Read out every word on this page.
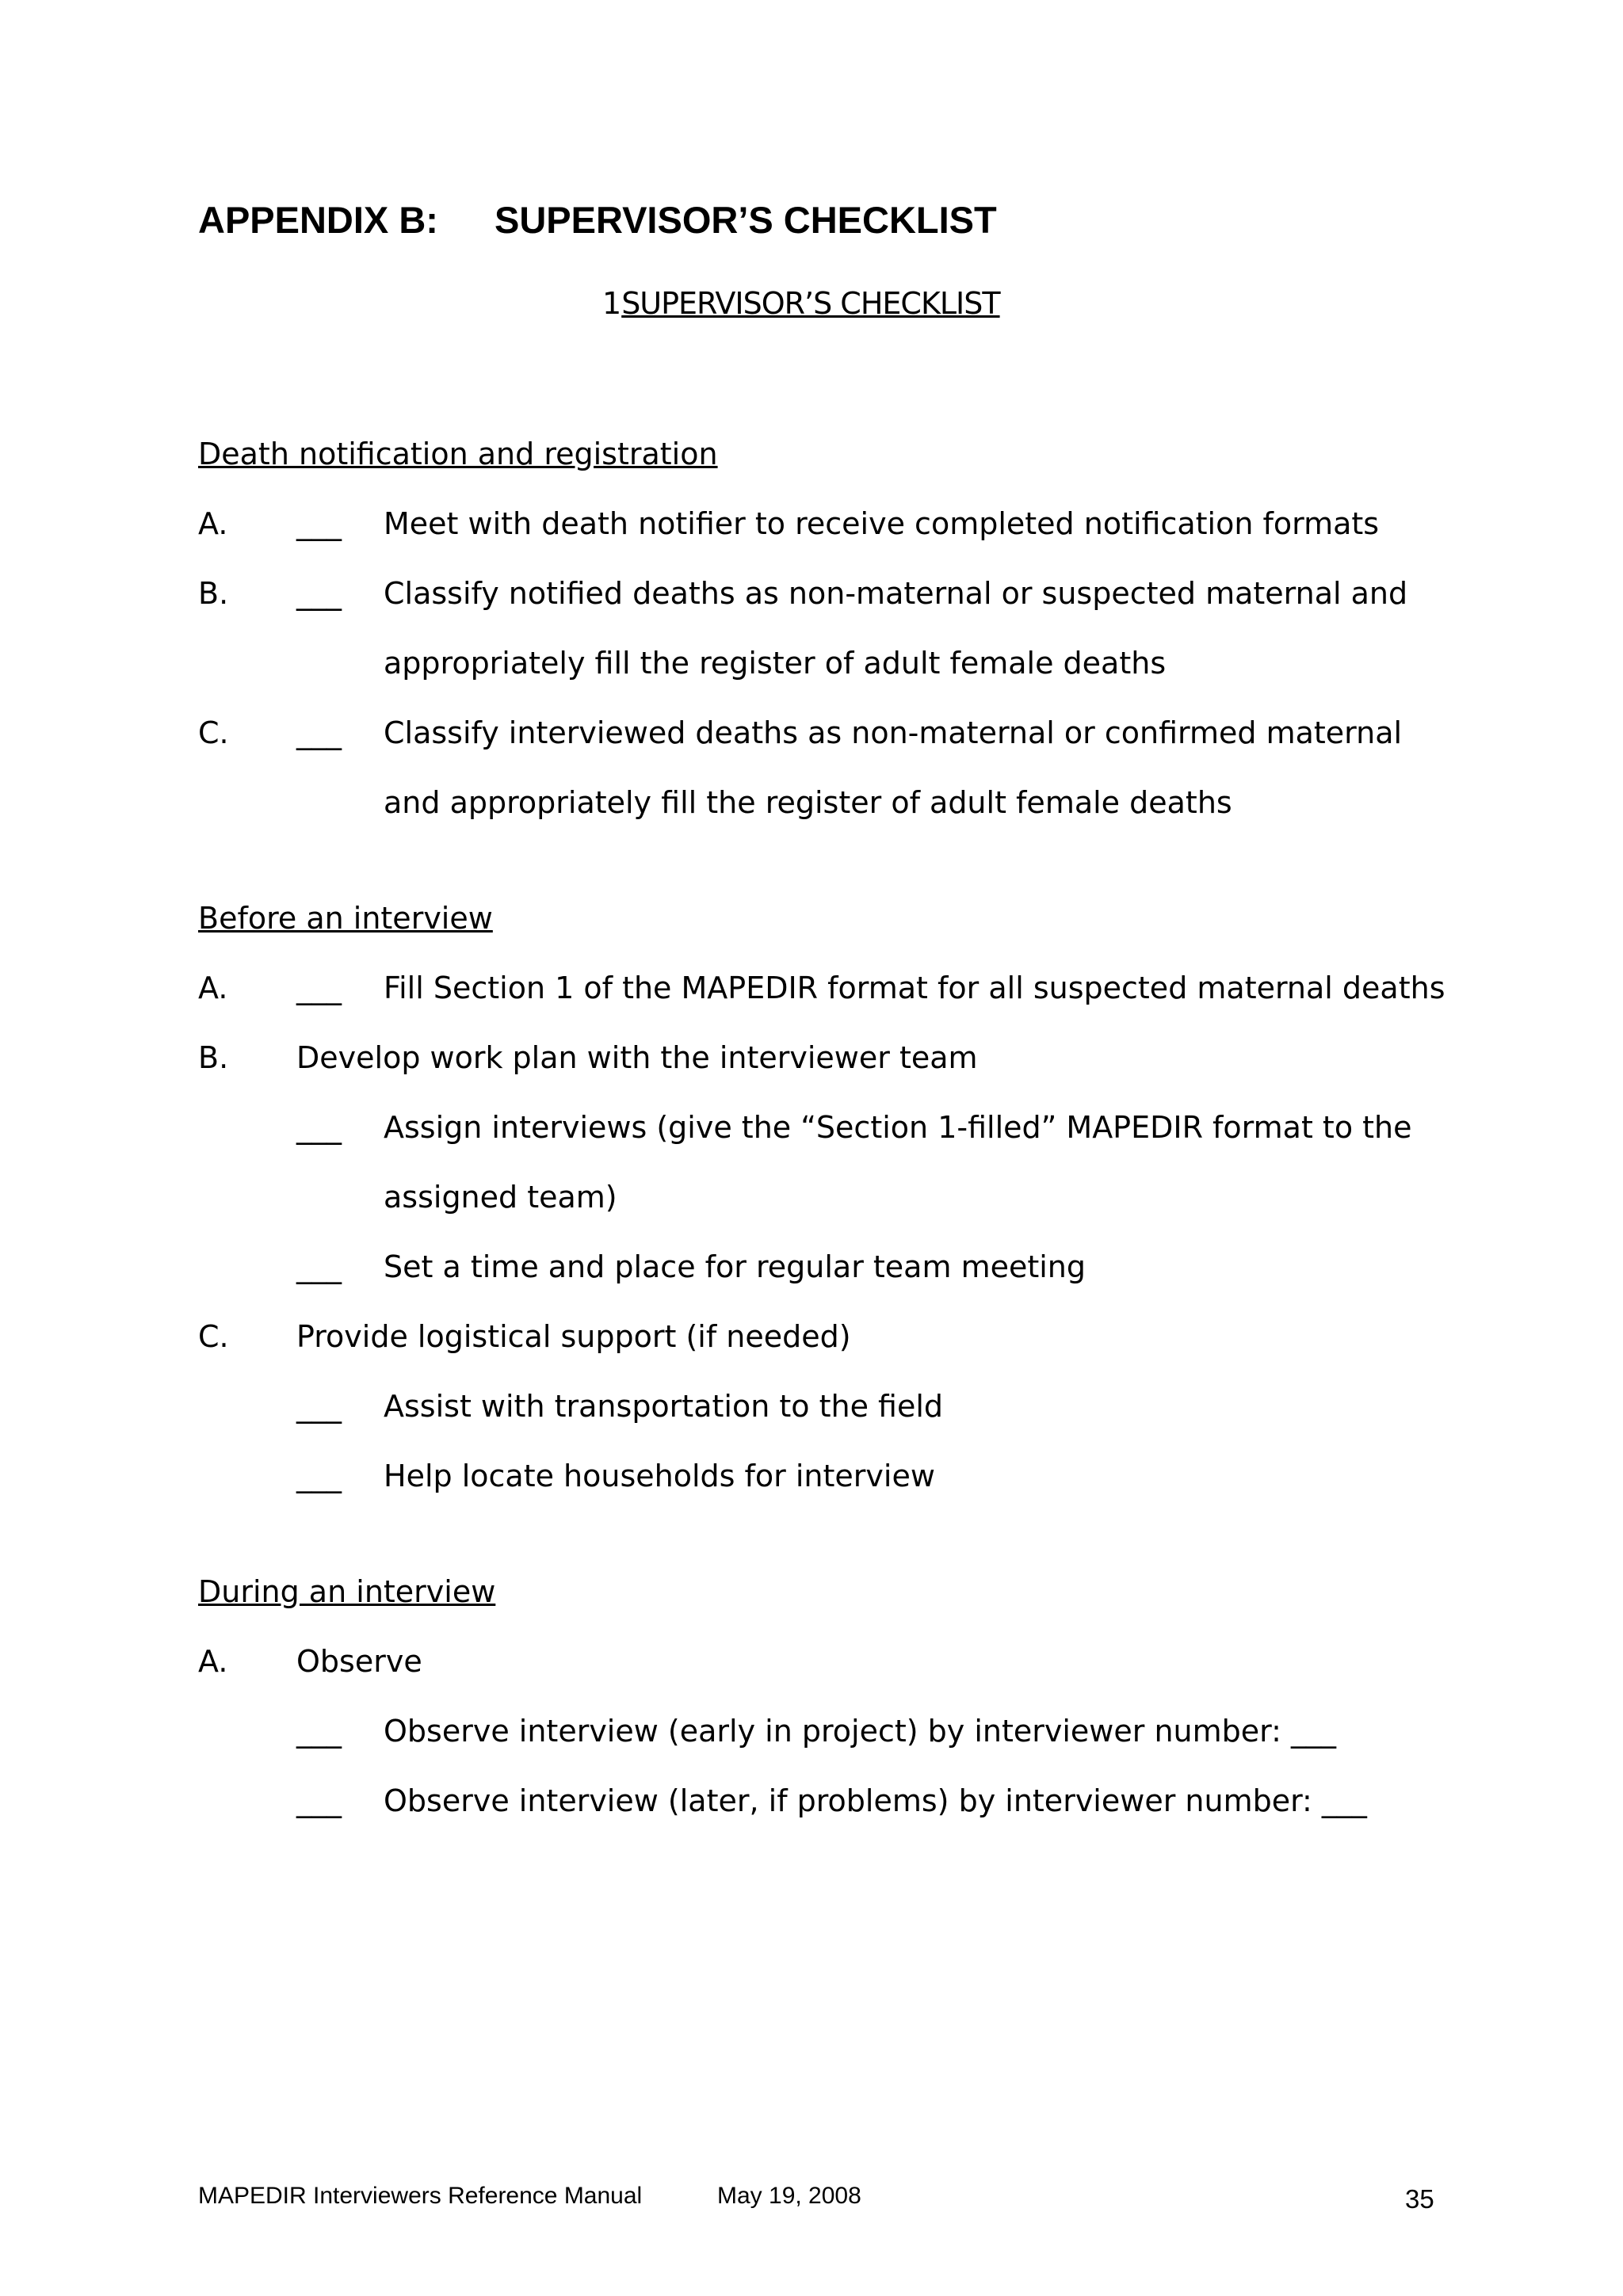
APPENDIX B: SUPERVISOR’S CHECKLIST
1SUPERVISOR’S CHECKLIST
Death notification and registration
A. ___ Meet with death notifier to receive completed notification formats
B. ___ Classify notified deaths as non-maternal or suspected maternal and
appropriately fill the register of adult female deaths
C. ___ Classify interviewed deaths as non-maternal or confirmed maternal
and appropriately fill the register of adult female deaths
Before an interview
A. ___ Fill Section 1 of the MAPEDIR format for all suspected maternal deaths
B. Develop work plan with the interviewer team
___ Assign interviews (give the “Section 1-filled” MAPEDIR format to the
assigned team)
___ Set a time and place for regular team meeting
C. Provide logistical support (if needed)
___ Assist with transportation to the field
___ Help locate households for interview
During an interview
A. Observe
___ Observe interview (early in project) by interviewer number: ___
___ Observe interview (later, if problems) by interviewer number: ___
MAPEDIR Interviewers Reference Manual	May 19, 2008	35
